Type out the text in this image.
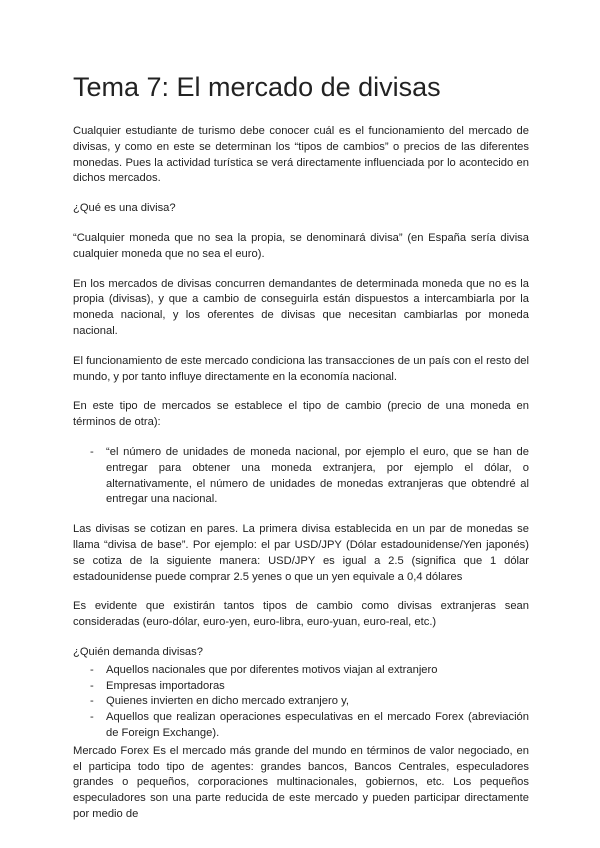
Tema 7: El mercado de divisas

Cualquier estudiante de turismo debe conocer cuál es el funcionamiento del mercado de divisas, y como en este se determinan los “tipos de cambios” o precios de las diferentes monedas. Pues la actividad turística se verá directamente influenciada por lo acontecido en dichos mercados.

¿Qué es una divisa?

“Cualquier moneda que no sea la propia, se denominará divisa” (en España sería divisa cualquier moneda que no sea el euro).

En los mercados de divisas concurren demandantes de determinada moneda que no es la propia (divisas), y que a cambio de conseguirla están dispuestos a intercambiarla por la moneda nacional, y los oferentes de divisas que necesitan cambiarlas por moneda nacional.

El funcionamiento de este mercado condiciona las transacciones de un país con el resto del mundo, y por tanto influye directamente en la economía nacional.

En este tipo de mercados se establece el tipo de cambio (precio de una moneda en términos de otra):

- “el número de unidades de moneda nacional, por ejemplo el euro, que se han de entregar para obtener una moneda extranjera, por ejemplo el dólar, o alternativamente, el número de unidades de monedas extranjeras que obtendré al entregar una nacional.

Las divisas se cotizan en pares. La primera divisa establecida en un par de monedas se llama “divisa de base”. Por ejemplo: el par USD/JPY (Dólar estadounidense/Yen japonés) se cotiza de la siguiente manera: USD/JPY es igual a 2.5 (significa que 1 dólar estadounidense puede comprar 2.5 yenes o que un yen equivale a 0,4 dólares

Es evidente que existirán tantos tipos de cambio como divisas extranjeras sean consideradas (euro-dólar, euro-yen, euro-libra, euro-yuan, euro-real, etc.)

¿Quién demanda divisas?

- Aquellos nacionales que por diferentes motivos viajan al extranjero
- Empresas importadoras
- Quienes invierten en dicho mercado extranjero y,
- Aquellos que realizan operaciones especulativas en el mercado Forex (abreviación de Foreign Exchange).

Mercado Forex Es el mercado más grande del mundo en términos de valor negociado, en el participa todo tipo de agentes: grandes bancos, Bancos Centrales, especuladores grandes o pequeños, corporaciones multinacionales, gobiernos, etc. Los pequeños especuladores son una parte reducida de este mercado y pueden participar directamente por medio de
